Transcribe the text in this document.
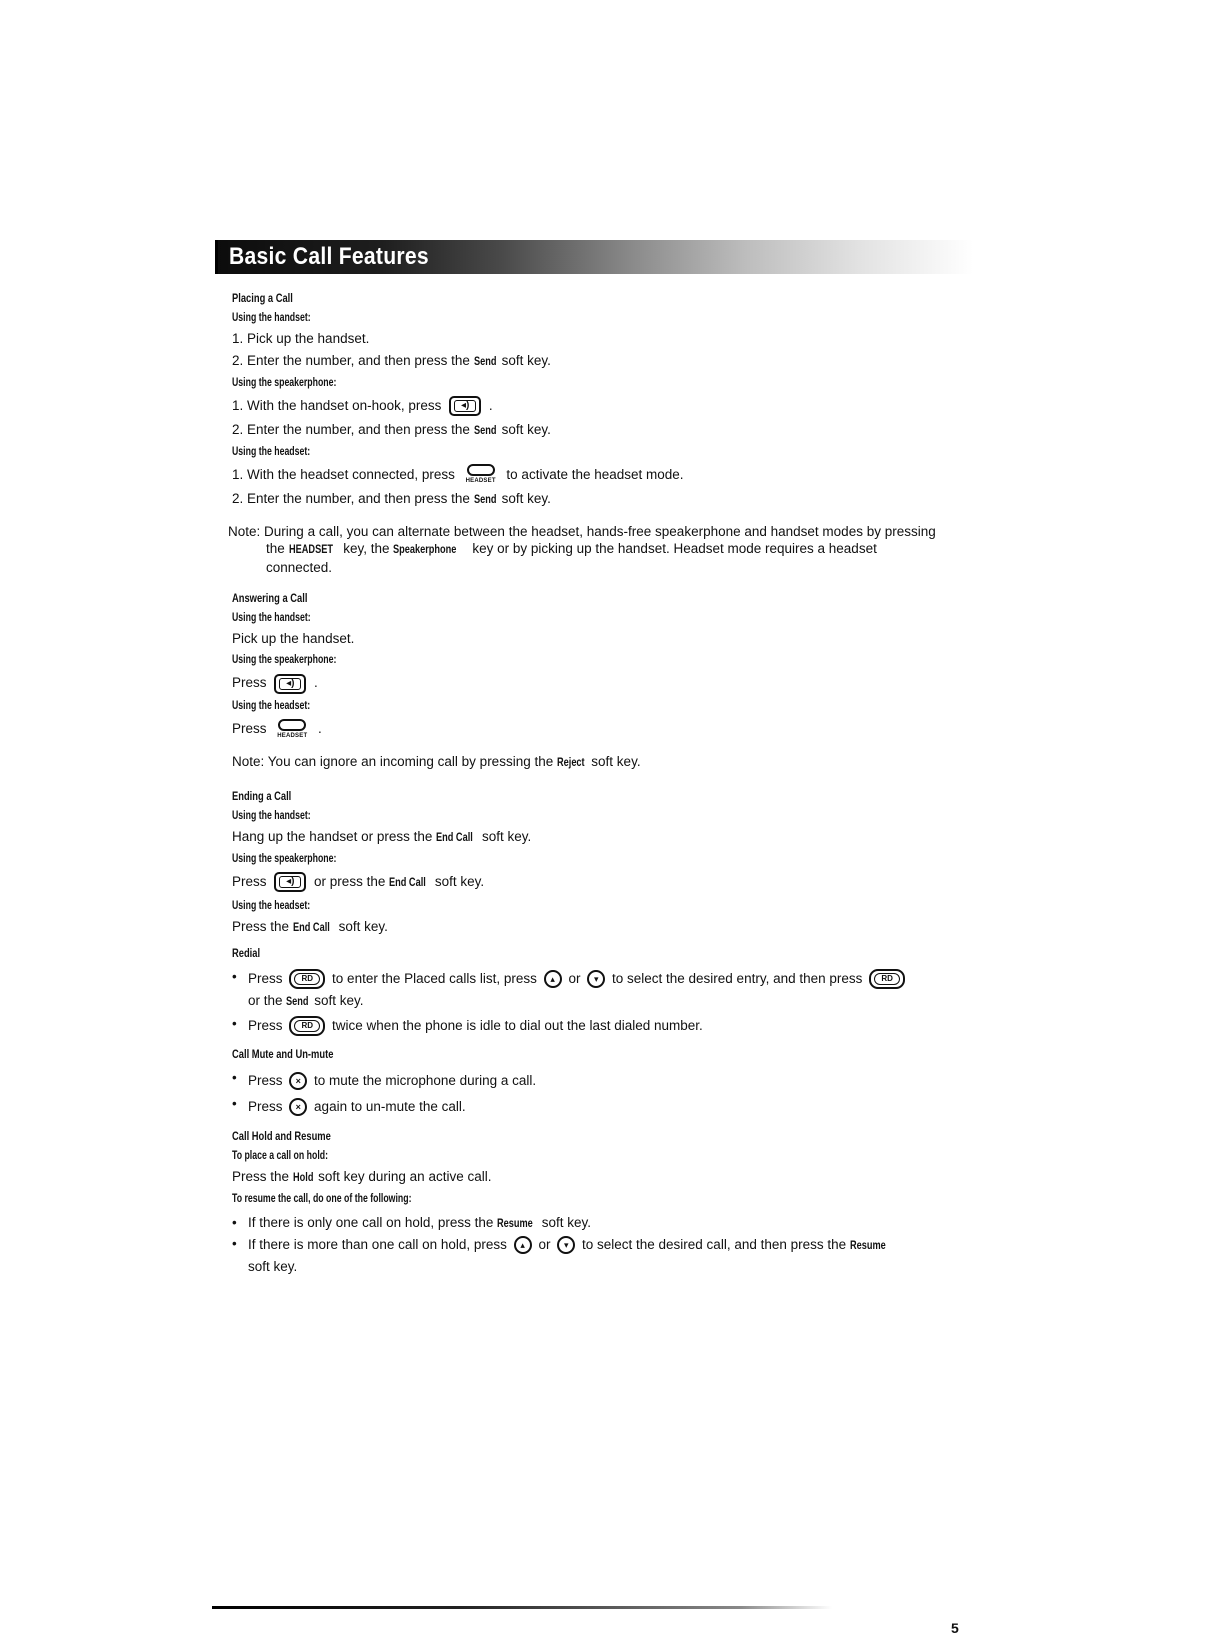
Basic Call Features
Placing a Call
Using the handset:
1. Pick up the handset.
2. Enter the number, and then press the Send soft key.
Using the speakerphone:
1. With the handset on-hook, press	◂)	.
2. Enter the number, and then press the Send soft key.
Using the headset:
1. With the headset connected, press	HEADSET to activate the headset mode.
2. Enter the number, and then press the Send soft key.
Note: During a call, you can alternate between the headset, hands-free speakerphone and handset modes by pressing
the HEADSET key, the Speakerphone key or by picking up the handset. Headset mode requires a headset
connected.
Answering a Call
Using the handset:
Pick up the handset.
Using the speakerphone:
Press	◂)	.
Using the headset:
Press	HEADSET .
Note: You can ignore an incoming call by pressing the Reject soft key.
Ending a Call
Using the handset:
Hang up the handset or press the End Call soft key.
Using the speakerphone:
Press	◂)	or press the End Call soft key.
Using the headset:
Press the End Call soft key.
Redial
• Press	RD	to enter the Placed calls list, press	▴	or	▾	to select the desired entry, and then press	RD
or the Send soft key.
• Press	RD	twice when the phone is idle to dial out the last dialed number.
Call Mute and Un-mute
• Press	× to mute the microphone during a call.
• Press	× again to un-mute the call.
Call Hold and Resume
To place a call on hold:
Press the Hold soft key during an active call.
To resume the call, do one of the following:
• If there is only one call on hold, press the Resume soft key.
• If there is more than one call on hold, press	▴	or	▾	to select the desired call, and then press the Resume
soft key.
5
